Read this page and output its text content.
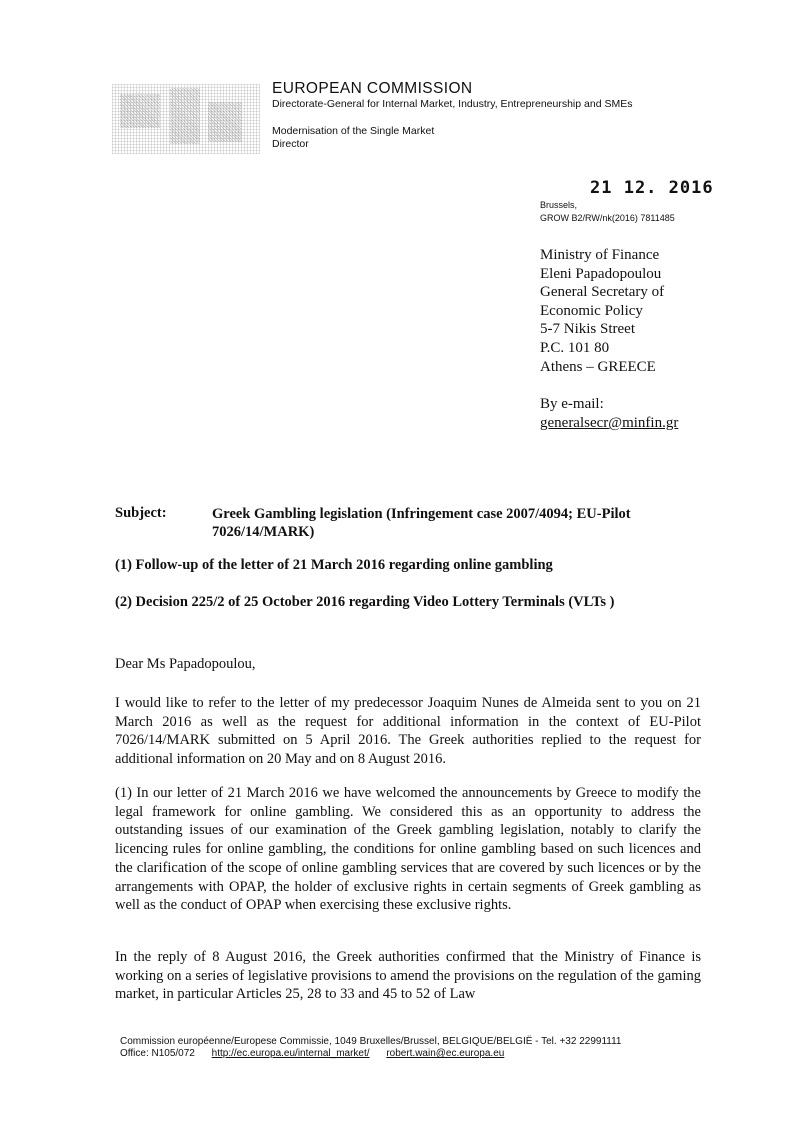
EUROPEAN COMMISSION
Directorate-General for Internal Market, Industry, Entrepreneurship and SMEs
Modernisation of the Single Market
Director
21 12. 2016
Brussels,
GROW B2/RW/nk(2016) 7811485
Ministry of Finance
Eleni Papadopoulou
General Secretary of
Economic Policy
5-7 Nikis Street
P.C. 101 80
Athens – GREECE
By e-mail:
generalsecr@minfin.gr
Subject:	Greek Gambling legislation (Infringement case 2007/4094; EU-Pilot 7026/14/MARK)
(1) Follow-up of the letter of 21 March 2016 regarding online gambling
(2) Decision 225/2 of 25 October 2016 regarding Video Lottery Terminals (VLTs )
Dear Ms Papadopoulou,
I would like to refer to the letter of my predecessor Joaquim Nunes de Almeida sent to you on 21 March 2016 as well as the request for additional information in the context of EU-Pilot 7026/14/MARK submitted on 5 April 2016. The Greek authorities replied to the request for additional information on 20 May and on 8 August 2016.
(1) In our letter of 21 March 2016 we have welcomed the announcements by Greece to modify the legal framework for online gambling. We considered this as an opportunity to address the outstanding issues of our examination of the Greek gambling legislation, notably to clarify the licencing rules for online gambling, the conditions for online gambling based on such licences and the clarification of the scope of online gambling services that are covered by such licences or by the arrangements with OPAP, the holder of exclusive rights in certain segments of Greek gambling as well as the conduct of OPAP when exercising these exclusive rights.
In the reply of 8 August 2016, the Greek authorities confirmed that the Ministry of Finance is working on a series of legislative provisions to amend the provisions on the regulation of the gaming market, in particular Articles 25, 28 to 33 and 45 to 52 of Law
Commission européenne/Europese Commissie, 1049 Bruxelles/Brussel, BELGIQUE/BELGIË - Tel. +32 22991111
Office: N105/072 http://ec.europa.eu/internal_market/ robert.wain@ec.europa.eu
